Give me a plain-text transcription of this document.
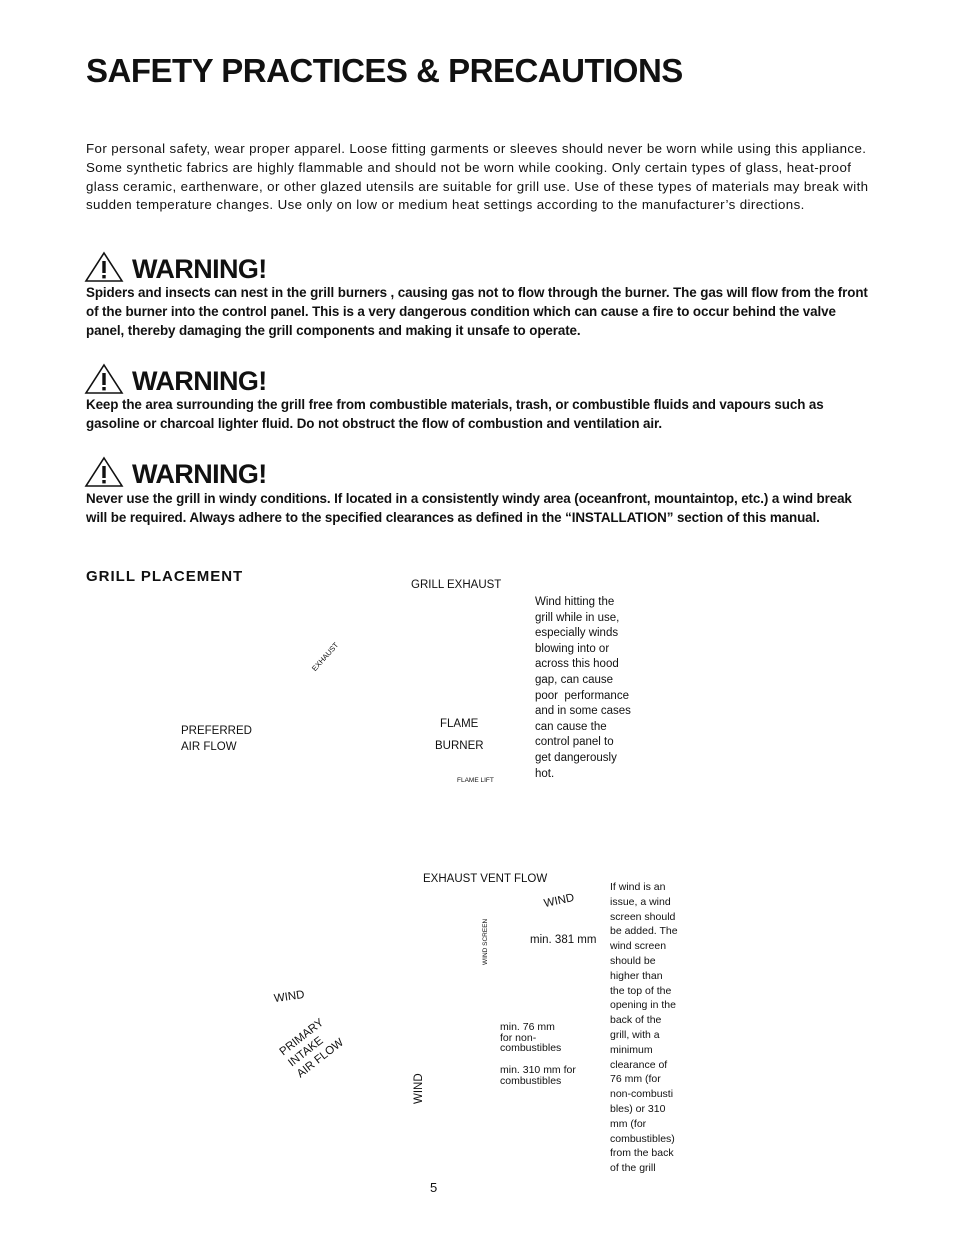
SAFETY PRACTICES & PRECAUTIONS
For personal safety, wear proper apparel. Loose fitting garments or sleeves should never be worn while using this appliance. Some synthetic fabrics are highly flammable and should not be worn while cooking. Only certain types of glass, heat-proof glass ceramic, earthenware, or other glazed utensils are suitable for grill use. Use of these types of materials may break with sudden temperature changes. Use only on low or medium heat settings according to the manufacturer’s directions.
WARNING!
Spiders and insects can nest in the grill burners , causing gas not to flow through the burner. The gas will flow from the front of the burner into the control panel. This is a very dangerous condition which can cause a fire to occur behind the valve panel, thereby damaging the grill components and making it unsafe to operate.
WARNING!
Keep the area surrounding the grill free from combustible materials, trash, or combustible fluids and vapours such as gasoline or charcoal lighter fluid. Do not obstruct the flow of combustion and ventilation air.
WARNING!
Never use the grill in windy conditions. If located in a consistently windy area (oceanfront, mountaintop, etc.) a wind break will be required. Always adhere to the specified clearances as defined in the “INSTALLATION” section of this manual.
GRILL PLACEMENT
EXHAUST
GRILL EXHAUST
PREFERRED
AIR FLOW
FLAME
BURNER
FLAME LIFT
Wind hitting the
grill while in use,
especially winds
blowing into or
across this hood
gap, can cause
poor  performance
and in some cases
can cause the
control panel to
get dangerously
hot.
WIND SCREEN
EXHAUST VENT FLOW
WIND
min. 381 mm
WIND
PRIMARY
INTAKE
AIR FLOW
WIND
min. 76 mm
for non-
combustibles
min. 310 mm for
combustibles
If wind is an
issue, a wind
screen should
be added. The
wind screen
should be
higher than
the top of the
opening in the
back of the
grill, with a
minimum
clearance of
76 mm (for
non-combusti
bles) or 310
mm (for
combustibles)
from the back
of the grill
5
